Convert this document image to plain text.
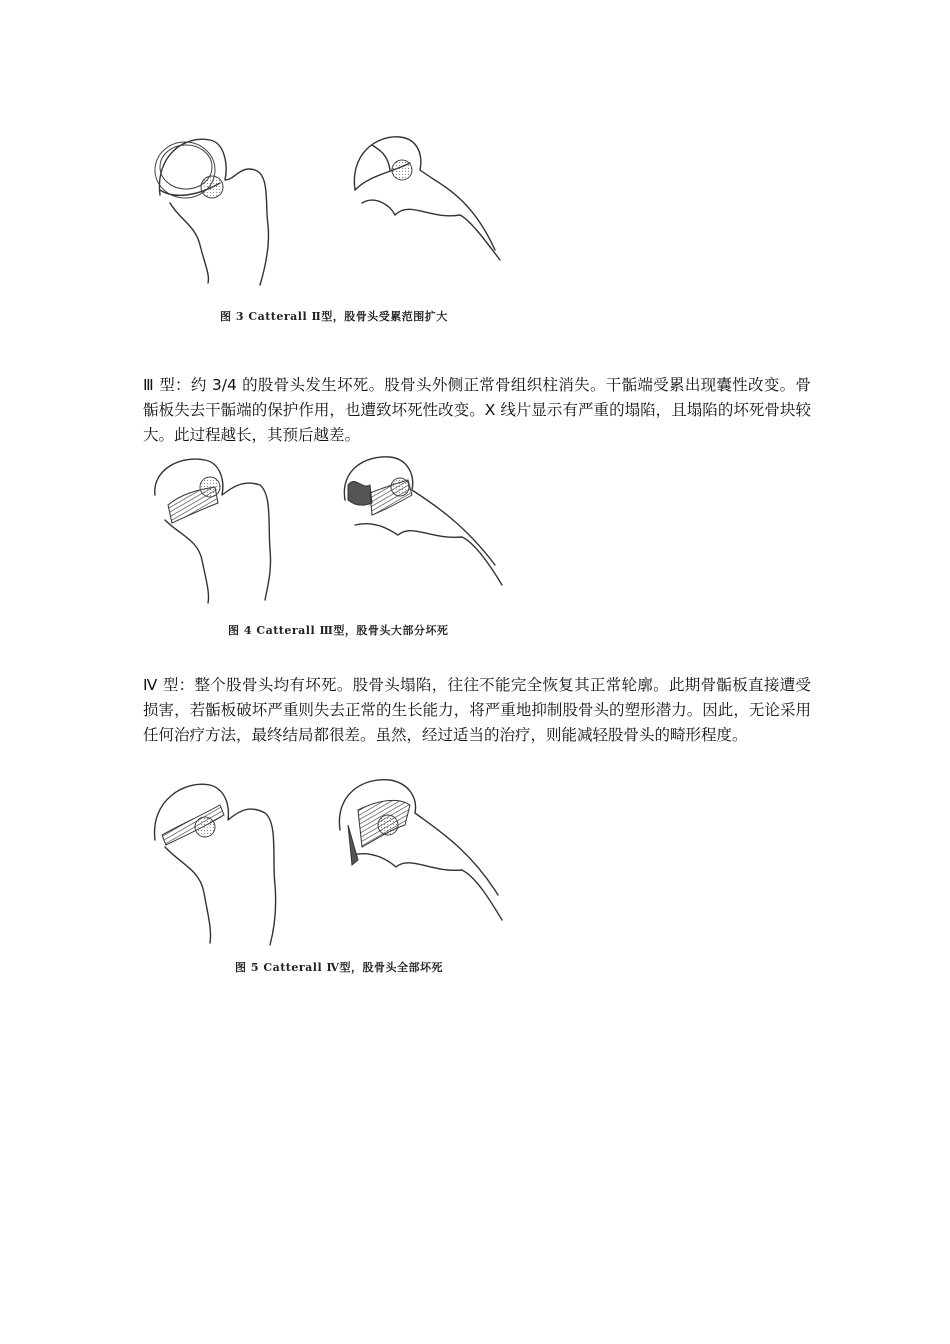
图 3 Catterall Ⅱ型，股骨头受累范围扩大

Ⅲ 型：约 3/4 的股骨头发生坏死。股骨头外侧正常骨组织柱消失。干骺端受累出现囊性改变。骨骺板失去干骺端的保护作用，也遭致坏死性改变。X 线片显示有严重的塌陷，且塌陷的坏死骨块较大。此过程越长，其预后越差。

图 4 Catterall Ⅲ型，股骨头大部分坏死

Ⅳ 型：整个股骨头均有坏死。股骨头塌陷，往往不能完全恢复其正常轮廓。此期骨骺板直接遭受损害，若骺板破坏严重则失去正常的生长能力，将严重地抑制股骨头的塑形潜力。因此，无论采用任何治疗方法，最终结局都很差。虽然，经过适当的治疗，则能减轻股骨头的畸形程度。

图 5 Catterall Ⅳ型，股骨头全部坏死
